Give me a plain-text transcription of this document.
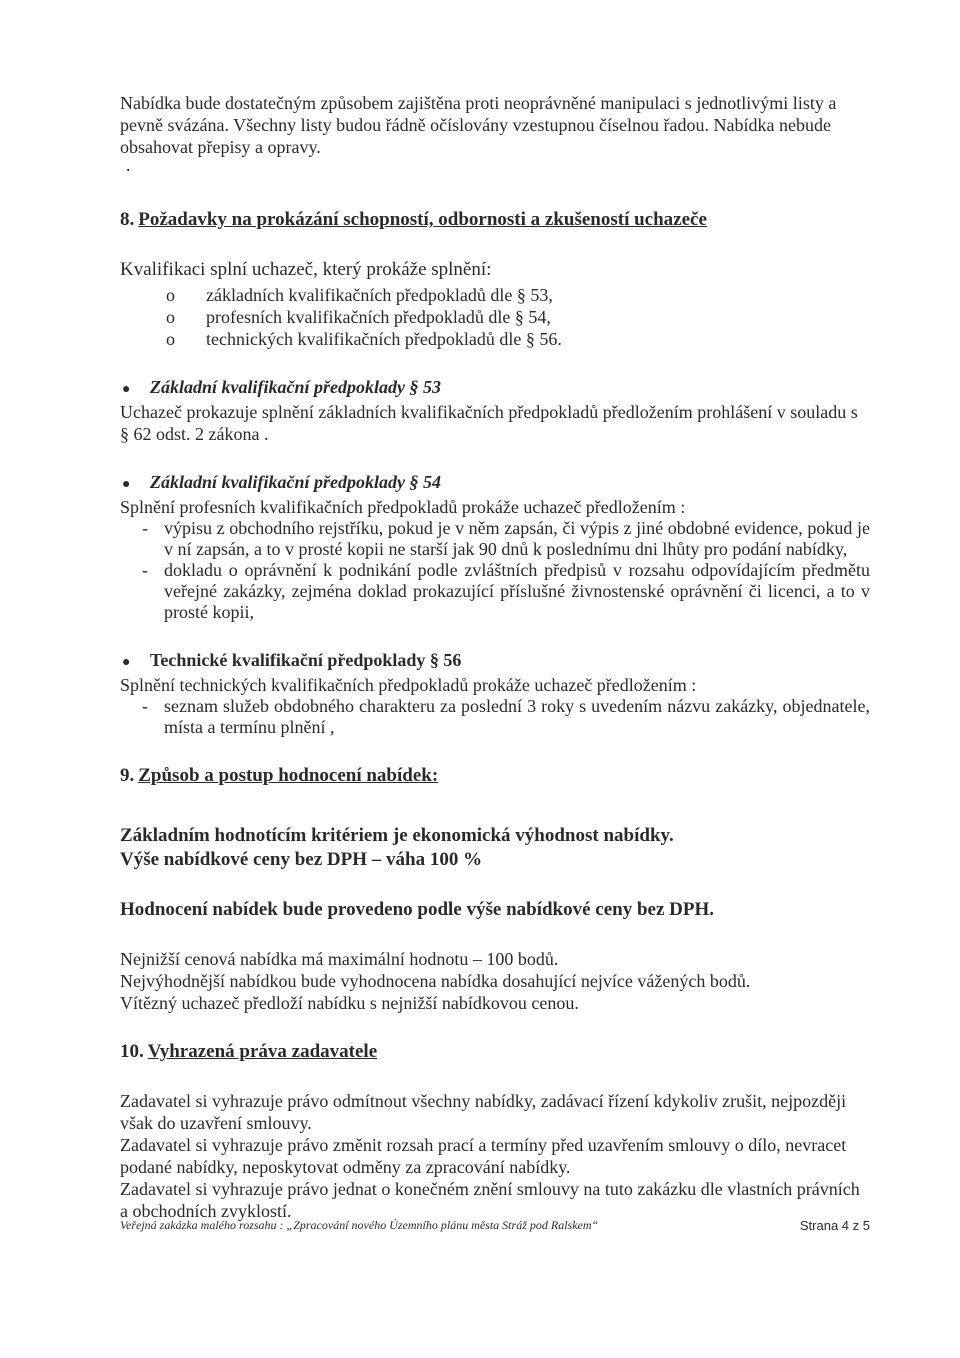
Nabídka bude dostatečným způsobem zajištěna proti neoprávněné manipulaci s jednotlivými listy a pevně svázána. Všechny listy budou řádně očíslovány vzestupnou číselnou řadou. Nabídka nebude obsahovat přepisy a opravy.

.
8. Požadavky na prokázání schopností, odbornosti a zkušeností uchazeče

Kvalifikaci splní uchazeč, který prokáže splnění:

o	základních kvalifikačních předpokladů dle § 53,
o	profesních kvalifikačních předpokladů dle § 54,
o	technických kvalifikačních předpokladů dle § 56.
●	Základní kvalifikační předpoklady § 53

Uchazeč prokazuje splnění základních kvalifikačních předpokladů předložením prohlášení v souladu s § 62 odst. 2 zákona .

●	Základní kvalifikační předpoklady § 54

Splnění profesních kvalifikačních předpokladů prokáže uchazeč předložením :

- výpisu z obchodního rejstříku, pokud je v něm zapsán, či výpis z jiné obdobné evidence, pokud je v ní zapsán, a to v prosté kopii ne starší jak 90 dnů k poslednímu dni lhůty pro podání nabídky,
- dokladu o oprávnění k podnikání podle zvláštních předpisů v rozsahu odpovídajícím předmětu veřejné zakázky, zejména doklad prokazující příslušné živnostenské oprávnění či licenci, a to v prosté kopii,
●	Technické kvalifikační předpoklady § 56

Splnění technických kvalifikačních předpokladů prokáže uchazeč předložením :

- seznam služeb obdobného charakteru za poslední 3 roky s uvedením názvu zakázky, objednatele, místa a termínu plnění ,
9. Způsob a postup hodnocení nabídek:

Základním hodnotícím kritériem je ekonomická výhodnost nabídky.

Výše nabídkové ceny bez DPH – váha 100 %

Hodnocení nabídek bude provedeno podle výše nabídkové ceny bez DPH.

Nejnižší cenová nabídka má maximální hodnotu – 100 bodů.

Nejvýhodnější nabídkou bude vyhodnocena nabídka dosahující nejvíce vážených bodů.

Vítězný uchazeč předloží nabídku s nejnižší nabídkovou cenou.

10. Vyhrazená práva zadavatele

Zadavatel si vyhrazuje právo odmítnout všechny nabídky, zadávací řízení kdykoliv zrušit, nejpozději však do uzavření smlouvy.

Zadavatel si vyhrazuje právo změnit rozsah prací a termíny před uzavřením smlouvy o dílo, nevracet podané nabídky, neposkytovat odměny za zpracování nabídky.

Zadavatel si vyhrazuje právo jednat o konečném znění smlouvy na tuto zakázku dle vlastních právních a obchodních zvyklostí.

Veřejná zakázka malého rozsahu : „Zpracování nového Územního plánu města Stráž pod Ralskem“	Strana 4 z 5
